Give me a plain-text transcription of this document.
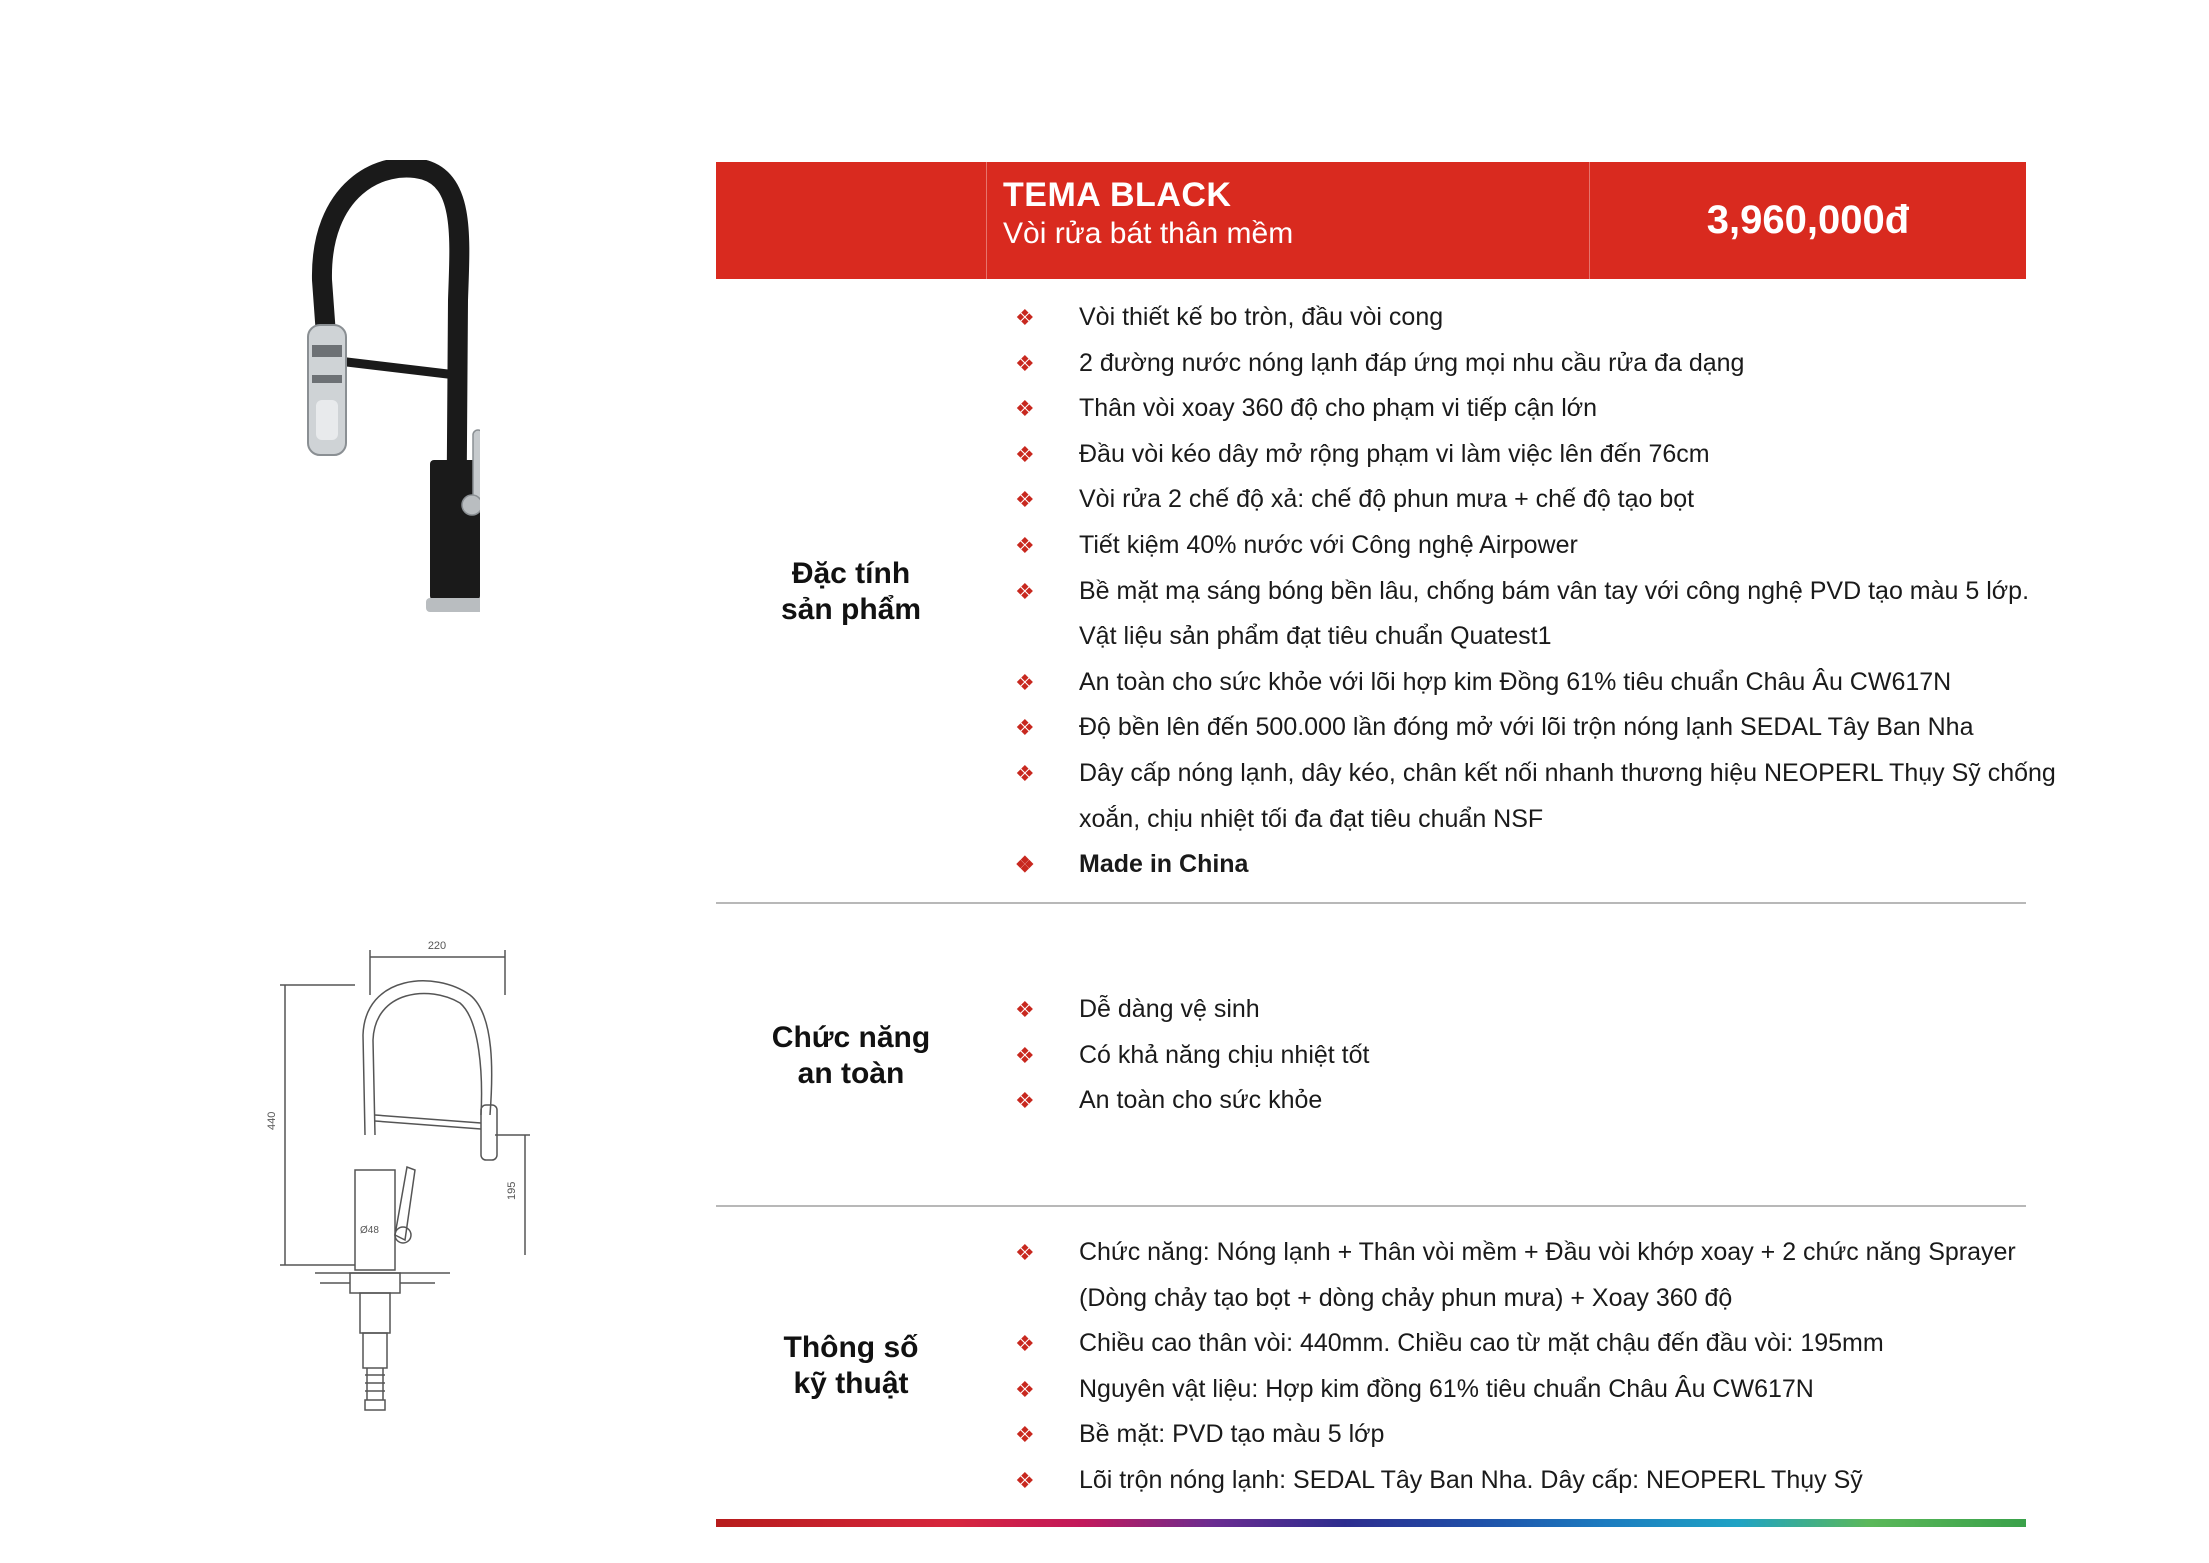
220
440
195
Ø48
TEMA BLACK
Vòi rửa bát thân mềm	3,960,000đ
Đặc tính
sản phẩm
❖ Vòi thiết kế bo tròn, đầu vòi cong
❖ 2 đường nước nóng lạnh đáp ứng mọi nhu cầu rửa đa dạng
❖ Thân vòi xoay 360 độ cho phạm vi tiếp cận lớn
❖ Đầu vòi kéo dây mở rộng phạm vi làm việc lên đến 76cm
❖ Vòi rửa 2 chế độ xả: chế độ phun mưa + chế độ tạo bọt
❖ Tiết kiệm 40% nước với Công nghệ Airpower
❖ Bề mặt mạ sáng bóng bền lâu, chống bám vân tay với công nghệ PVD tạo màu 5 lớp. Vật liệu sản phẩm đạt tiêu chuẩn Quatest1
❖ An toàn cho sức khỏe với lõi hợp kim Đồng 61% tiêu chuẩn Châu Âu CW617N
❖ Độ bền lên đến 500.000 lần đóng mở với lõi trộn nóng lạnh SEDAL Tây Ban Nha
❖ Dây cấp nóng lạnh, dây kéo, chân kết nối nhanh thương hiệu NEOPERL Thụy Sỹ chống xoắn, chịu nhiệt tối đa đạt tiêu chuẩn NSF
❖ Made in China
Chức năng
an toàn
❖ Dễ dàng vệ sinh
❖ Có khả năng chịu nhiệt tốt
❖ An toàn cho sức khỏe
Thông số
kỹ thuật
❖ Chức năng: Nóng lạnh + Thân vòi mềm + Đầu vòi khớp xoay + 2 chức năng Sprayer (Dòng chảy tạo bọt + dòng chảy phun mưa) + Xoay 360 độ
❖ Chiều cao thân vòi: 440mm. Chiều cao từ mặt chậu đến đầu vòi: 195mm
❖ Nguyên vật liệu: Hợp kim đồng 61% tiêu chuẩn Châu Âu CW617N
❖ Bề mặt: PVD tạo màu 5 lớp
❖ Lõi trộn nóng lạnh: SEDAL Tây Ban Nha. Dây cấp: NEOPERL Thụy Sỹ
